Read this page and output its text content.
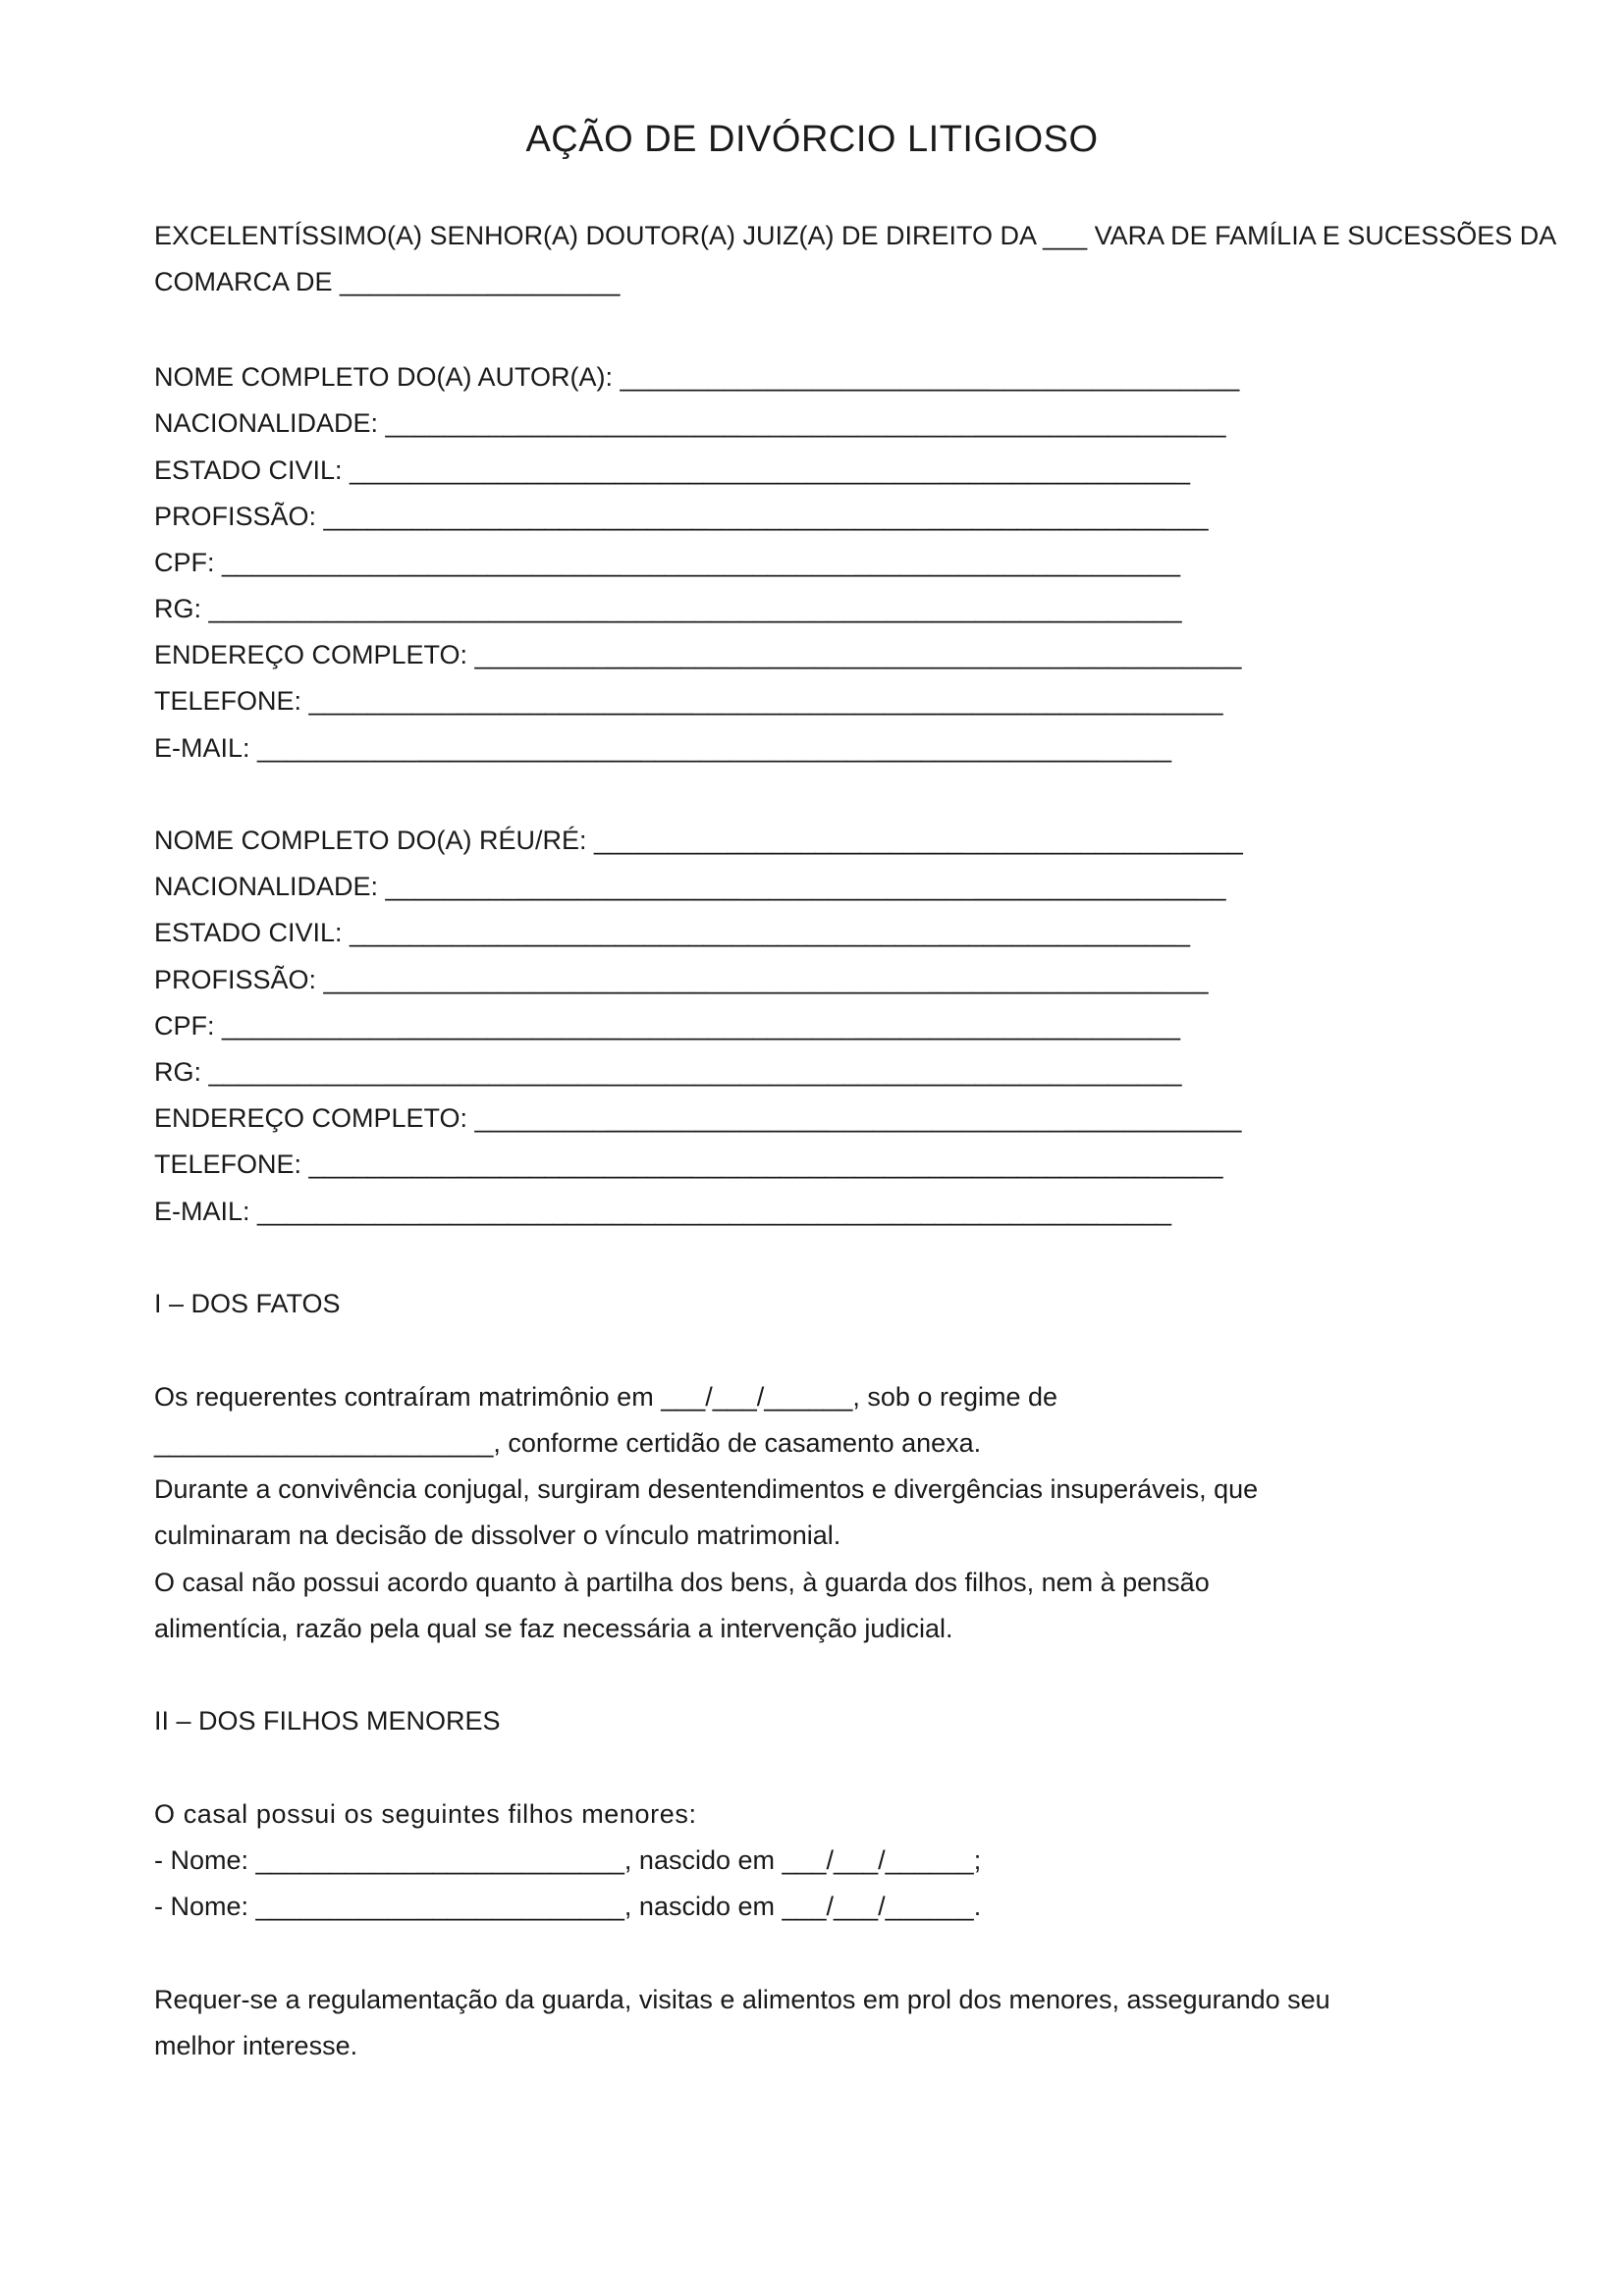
AÇÃO DE DIVÓRCIO LITIGIOSO
EXCELENTÍSSIMO(A) SENHOR(A) DOUTOR(A) JUIZ(A) DE DIREITO DA ___ VARA DE FAMÍLIA E SUCESSÕES DA
COMARCA DE ___________________
NOME COMPLETO DO(A) AUTOR(A): __________________________________________
NACIONALIDADE: _________________________________________________________
ESTADO CIVIL: _________________________________________________________
PROFISSÃO: ____________________________________________________________
CPF: _________________________________________________________________
RG: __________________________________________________________________
ENDEREÇO COMPLETO: ____________________________________________________
TELEFONE: ______________________________________________________________
E-MAIL: ______________________________________________________________
NOME COMPLETO DO(A) RÉU/RÉ: ____________________________________________
NACIONALIDADE: _________________________________________________________
ESTADO CIVIL: _________________________________________________________
PROFISSÃO: ____________________________________________________________
CPF: _________________________________________________________________
RG: __________________________________________________________________
ENDEREÇO COMPLETO: ____________________________________________________
TELEFONE: ______________________________________________________________
E-MAIL: ______________________________________________________________
I – DOS FATOS
Os requerentes contraíram matrimônio em ___/___/______, sob o regime de
_______________________, conforme certidão de casamento anexa.
Durante a convivência conjugal, surgiram desentendimentos e divergências insuperáveis, que
culminaram na decisão de dissolver o vínculo matrimonial.
O casal não possui acordo quanto à partilha dos bens, à guarda dos filhos, nem à pensão
alimentícia, razão pela qual se faz necessária a intervenção judicial.
II – DOS FILHOS MENORES
O casal possui os seguintes filhos menores:
- Nome: _________________________, nascido em ___/___/______;
- Nome: _________________________, nascido em ___/___/______.
Requer-se a regulamentação da guarda, visitas e alimentos em prol dos menores, assegurando seu
melhor interesse.
